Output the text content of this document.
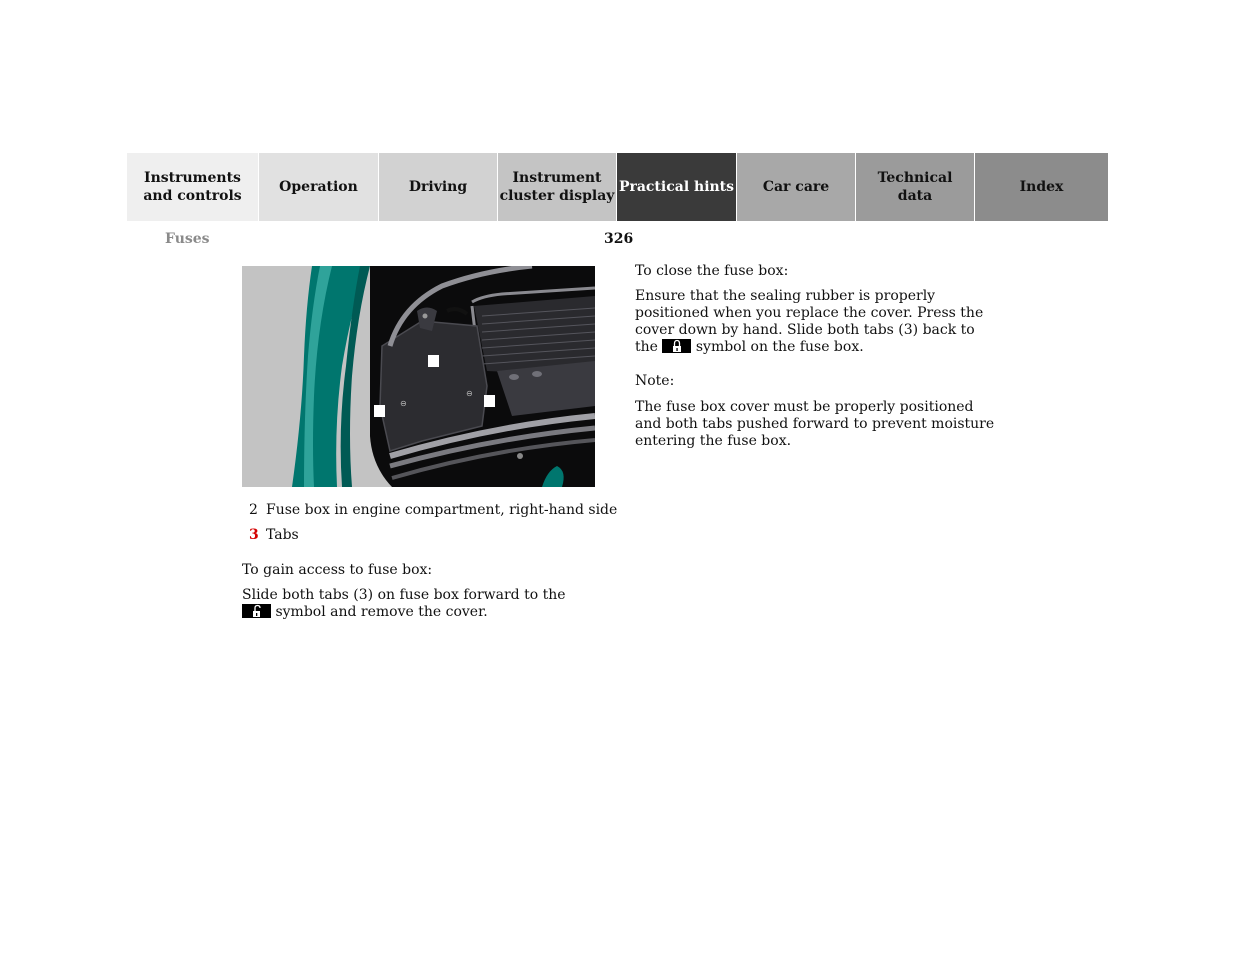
Instruments
and controls
Operation	Driving
Instrument
cluster display
Practical hints	Car care
Technical
data
Index
Fuses	326
⊖
⊖
2 Fuse box in engine compartment, right-hand side
3 Tabs

To gain access to fuse box:

Slide both tabs (3) on fuse box forward to the
symbol and remove the cover.

To close the fuse box:

Ensure that the sealing rubber is properly positioned when you replace the cover. Press the cover down by hand. Slide both tabs (3) back to the	symbol on the fuse box.

Note:

The fuse box cover must be properly positioned and both tabs pushed forward to prevent moisture entering the fuse box.
